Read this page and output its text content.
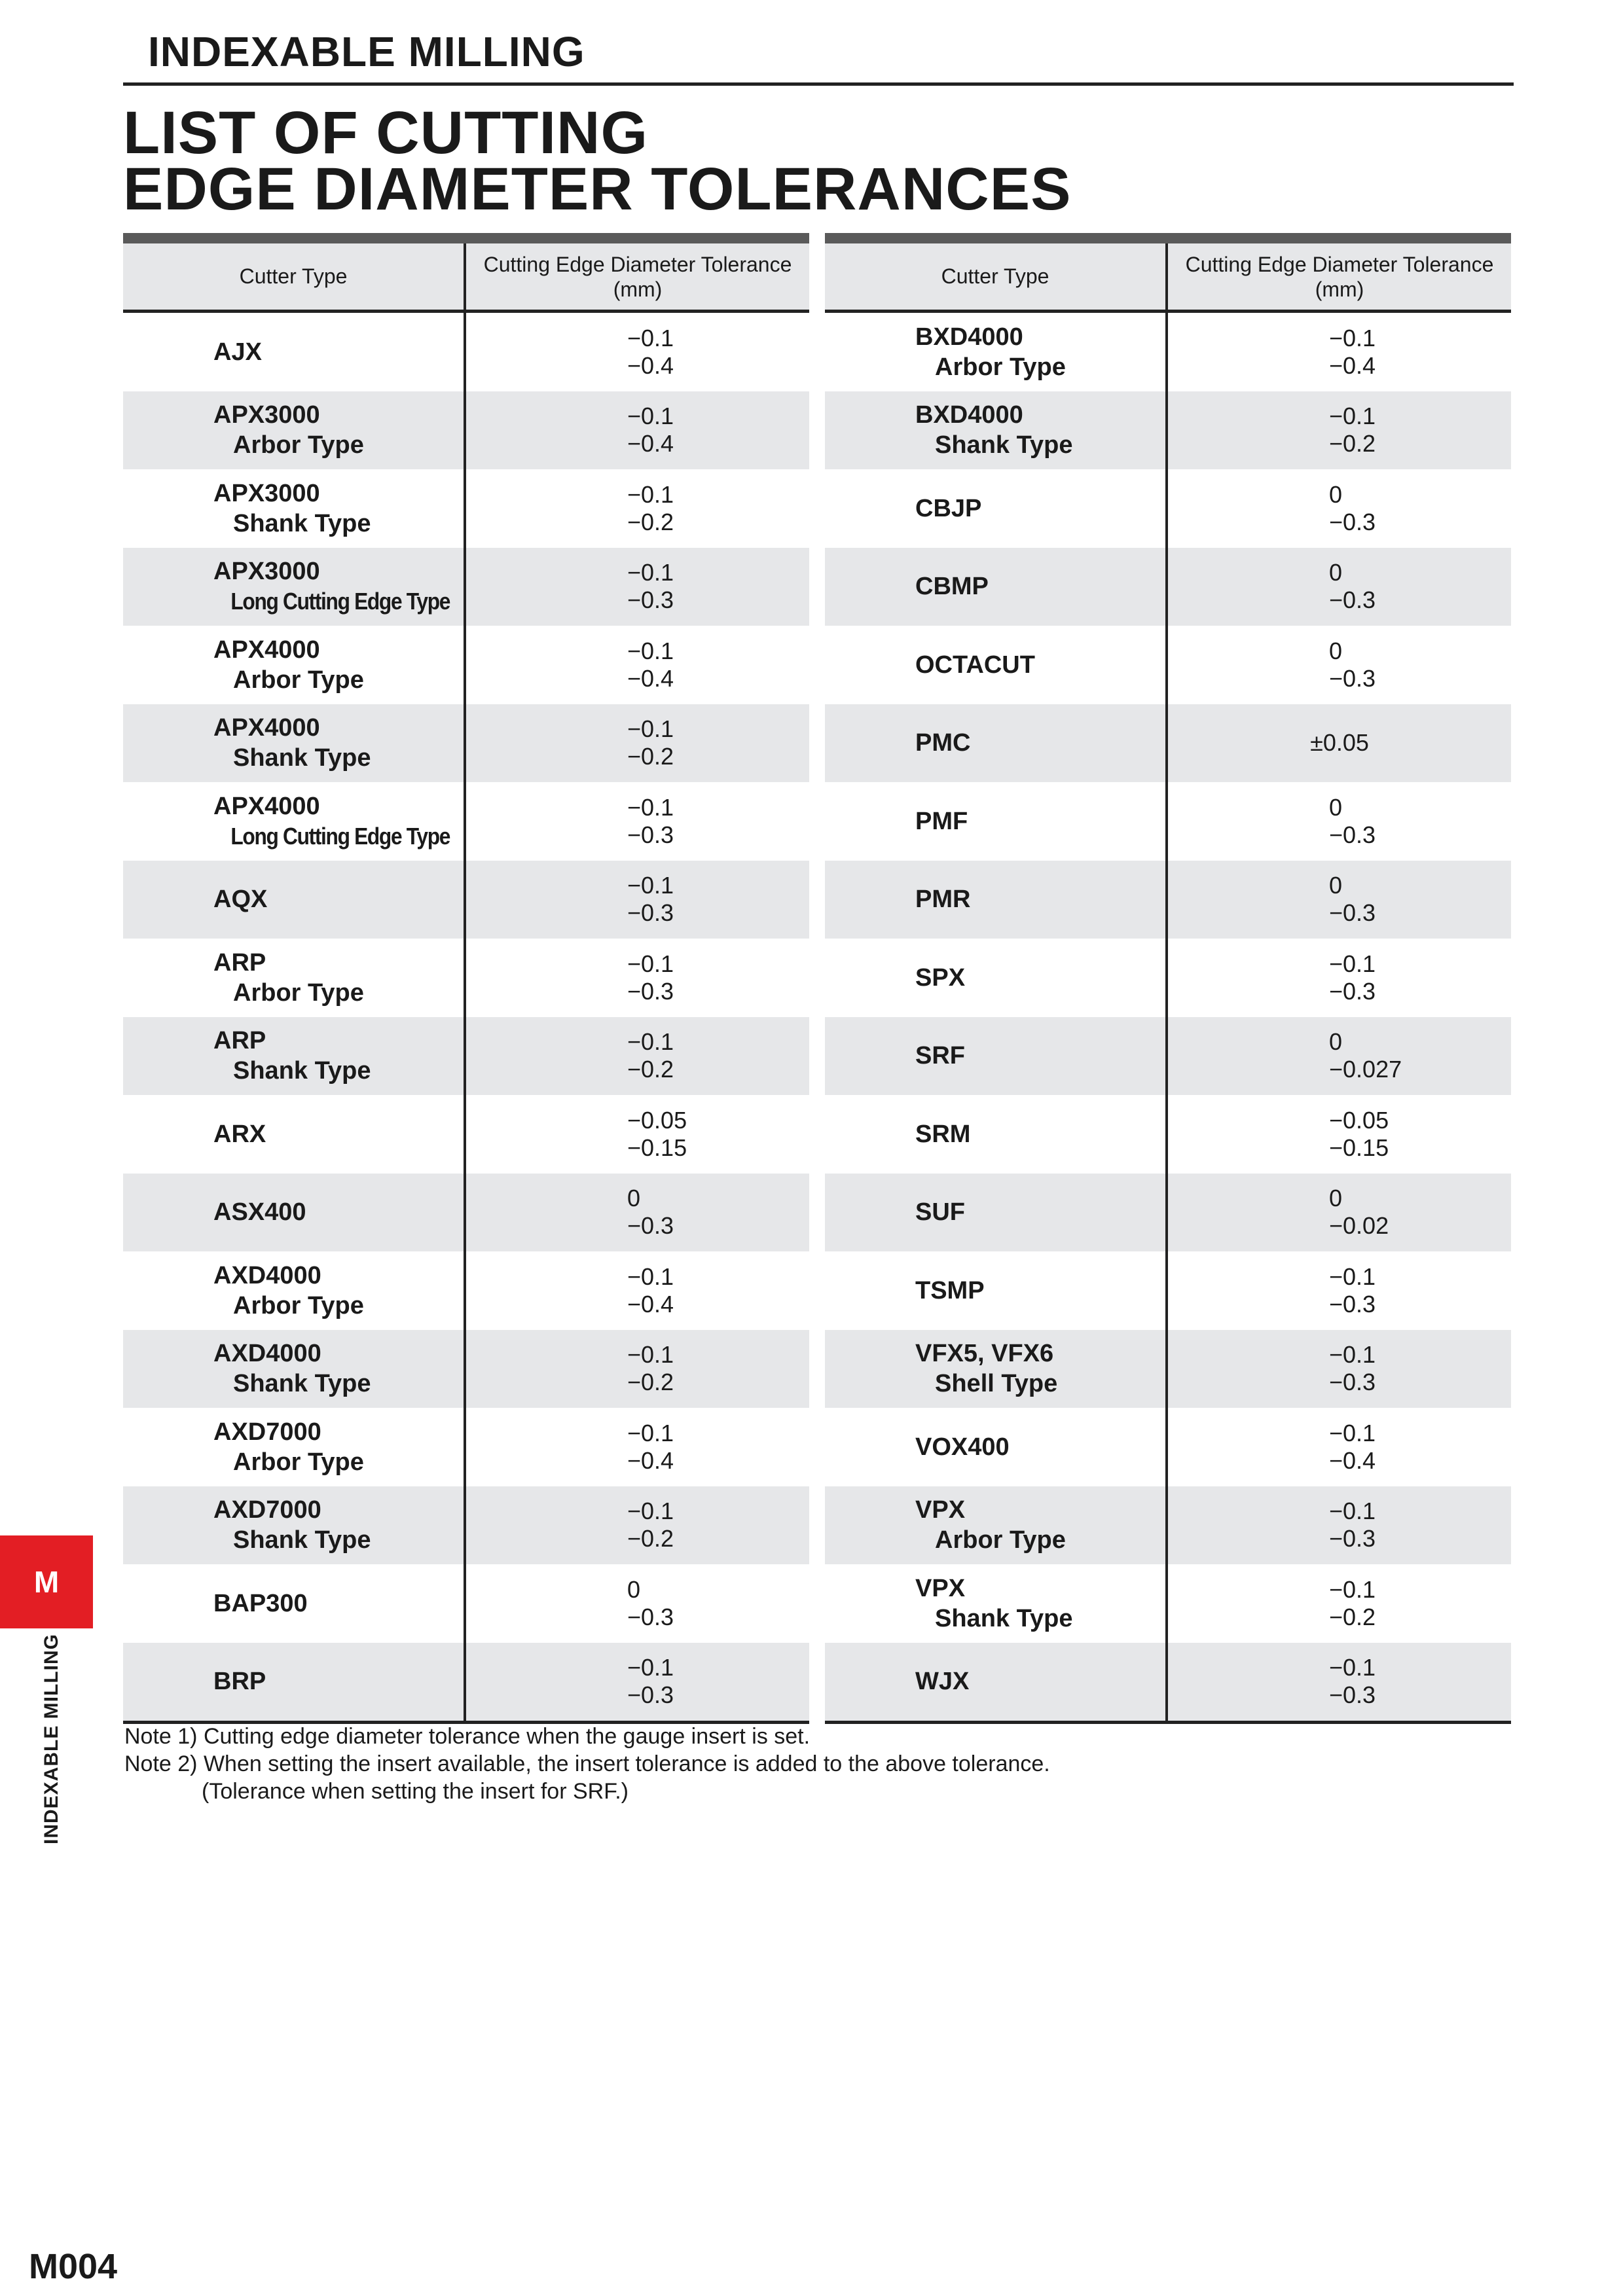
INDEXABLE MILLING
LIST OF CUTTING
EDGE DIAMETER TOLERANCES
Cutter Type
Cutting Edge Diameter Tolerance
(mm)
AJX
−0.1
−0.4
APX3000
Arbor Type
−0.1
−0.4
APX3000
Shank Type
−0.1
−0.2
APX3000
Long Cutting Edge Type
−0.1
−0.3
APX4000
Arbor Type
−0.1
−0.4
APX4000
Shank Type
−0.1
−0.2
APX4000
Long Cutting Edge Type
−0.1
−0.3
AQX
−0.1
−0.3
ARP
Arbor Type
−0.1
−0.3
ARP
Shank Type
−0.1
−0.2
ARX
−0.05
−0.15
ASX400
0
−0.3
AXD4000
Arbor Type
−0.1
−0.4
AXD4000
Shank Type
−0.1
−0.2
AXD7000
Arbor Type
−0.1
−0.4
AXD7000
Shank Type
−0.1
−0.2
BAP300
0
−0.3
BRP
−0.1
−0.3
Cutter Type
Cutting Edge Diameter Tolerance
(mm)
BXD4000
Arbor Type
−0.1
−0.4
BXD4000
Shank Type
−0.1
−0.2
CBJP
0
−0.3
CBMP
0
−0.3
OCTACUT
0
−0.3
PMC	±0.05
PMF
0
−0.3
PMR
0
−0.3
SPX
−0.1
−0.3
SRF
0
−0.027
SRM
−0.05
−0.15
SUF
0
−0.02
TSMP
−0.1
−0.3
VFX5, VFX6
Shell Type
−0.1
−0.3
VOX400
−0.1
−0.4
VPX
Arbor Type
−0.1
−0.3
VPX
Shank Type
−0.1
−0.2
WJX
−0.1
−0.3
Note 1) Cutting edge diameter tolerance when the gauge insert is set.
Note 2) When setting the insert available, the insert tolerance is added to the above tolerance.
(Tolerance when setting the insert for SRF.)
M
INDEXABLE MILLING
M004
